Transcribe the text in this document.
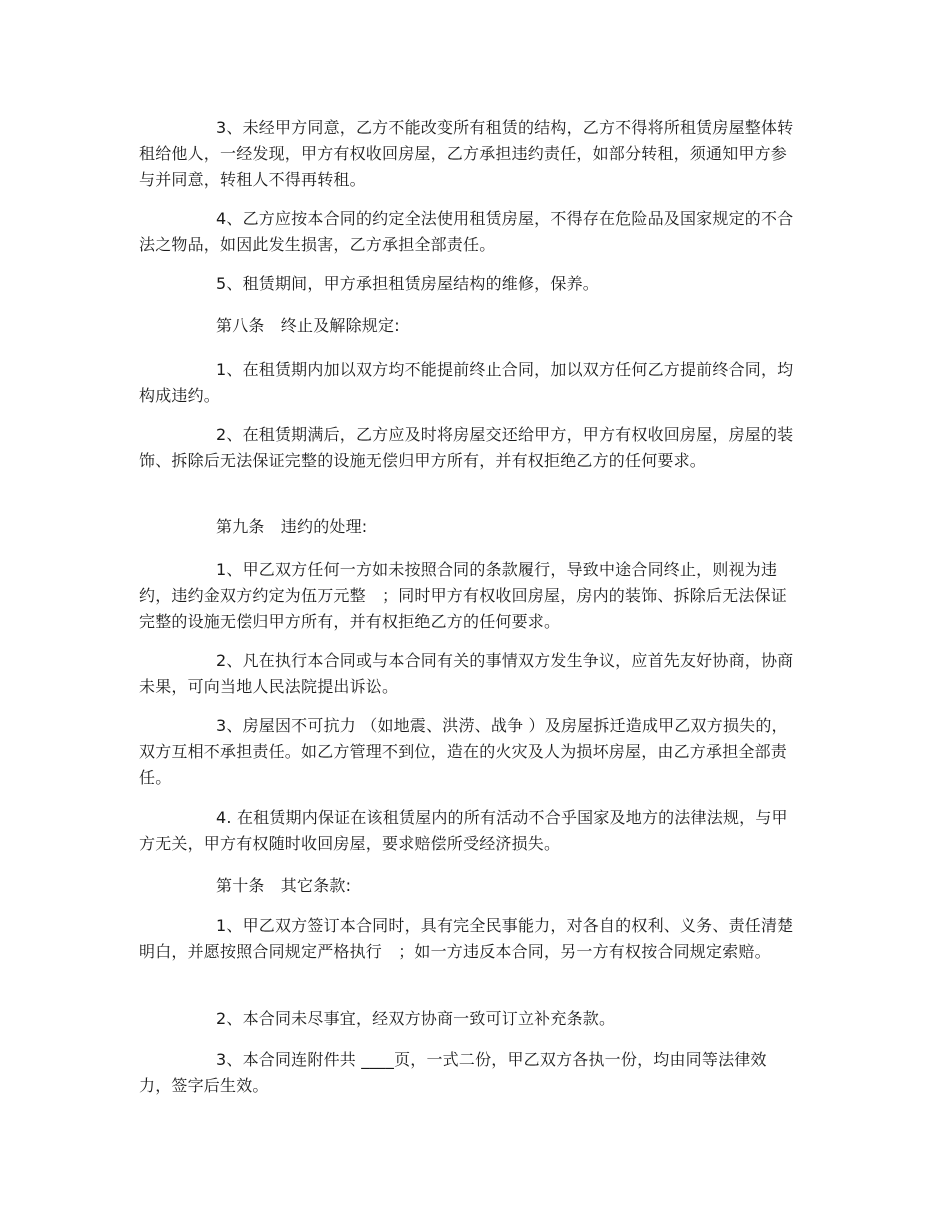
3、未经甲方同意，乙方不能改变所有租赁的结构，乙方不得将所租赁房屋整体转租给他人，一经发现，甲方有权收回房屋，乙方承担违约责任，如部分转租，须通知甲方参与并同意，转租人不得再转租。

4、乙方应按本合同的约定全法使用租赁房屋，不得存在危险品及国家规定的不合法之物品，如因此发生损害，乙方承担全部责任。

5、租赁期间，甲方承担租赁房屋结构的维修，保养。

第八条　终止及解除规定:

1、在租赁期内加以双方均不能提前终止合同，加以双方任何乙方提前终合同，均构成违约。

2、在租赁期满后，乙方应及时将房屋交还给甲方，甲方有权收回房屋，房屋的装饰、拆除后无法保证完整的设施无偿归甲方所有，并有权拒绝乙方的任何要求。

第九条　违约的处理:

1、甲乙双方任何一方如未按照合同的条款履行，导致中途合同终止，则视为违约，违约金双方约定为伍万元整　；同时甲方有权收回房屋，房内的装饰、拆除后无法保证完整的设施无偿归甲方所有，并有权拒绝乙方的任何要求。

2、凡在执行本合同或与本合同有关的事情双方发生争议，应首先友好协商，协商未果，可向当地人民法院提出诉讼。

3、房屋因不可抗力 （如地震、洪涝、战争 ）及房屋拆迁造成甲乙双方损失的，双方互相不承担责任。如乙方管理不到位，造在的火灾及人为损坏房屋，由乙方承担全部责任。

4. 在租赁期内保证在该租赁屋内的所有活动不合乎国家及地方的法律法规，与甲方无关，甲方有权随时收回房屋，要求赔偿所受经济损失。

第十条　其它条款:

1、甲乙双方签订本合同时，具有完全民事能力，对各自的权利、义务、责任清楚明白，并愿按照合同规定严格执行　；如一方违反本合同，另一方有权按合同规定索赔。

2、本合同未尽事宜，经双方协商一致可订立补充条款。

3、本合同连附件共 ____页，一式二份，甲乙双方各执一份，均由同等法律效力，签字后生效。
